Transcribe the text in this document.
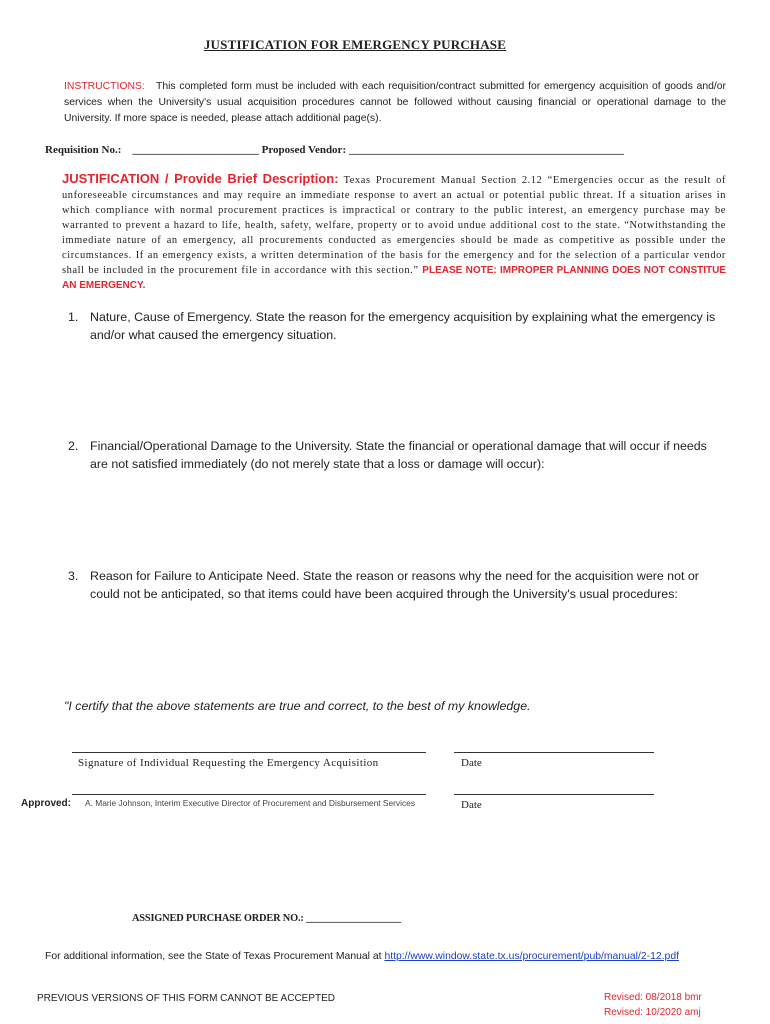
JUSTIFICATION FOR EMERGENCY PURCHASE
INSTRUCTIONS: This completed form must be included with each requisition/contract submitted for emergency acquisition of goods and/or services when the University's usual acquisition procedures cannot be followed without causing financial or operational damage to the University. If more space is needed, please attach additional page(s).
Requisition No.: _______________________ Proposed Vendor: __________________________________________________
JUSTIFICATION / Provide Brief Description: Texas Procurement Manual Section 2.12 “Emergencies occur as the result of unforeseeable circumstances and may require an immediate response to avert an actual or potential public threat. If a situation arises in which compliance with normal procurement practices is impractical or contrary to the public interest, an emergency purchase may be warranted to prevent a hazard to life, health, safety, welfare, property or to avoid undue additional cost to the state. “Notwithstanding the immediate nature of an emergency, all procurements conducted as emergencies should be made as competitive as possible under the circumstances. If an emergency exists, a written determination of the basis for the emergency and for the selection of a particular vendor shall be included in the procurement file in accordance with this section.” PLEASE NOTE: IMPROPER PLANNING DOES NOT CONSTITUE AN EMERGENCY.
1. Nature, Cause of Emergency. State the reason for the emergency acquisition by explaining what the emergency is and/or what caused the emergency situation.
2. Financial/Operational Damage to the University. State the financial or operational damage that will occur if needs are not satisfied immediately (do not merely state that a loss or damage will occur):
3. Reason for Failure to Anticipate Need. State the reason or reasons why the need for the acquisition were not or could not be anticipated, so that items could have been acquired through the University's usual procedures:
"I certify that the above statements are true and correct, to the best of my knowledge.
Signature of Individual Requesting the Emergency Acquisition	Date
Approved: A. Marie Johnson, Interim Executive Director of Procurement and Disbursement Services	Date
ASSIGNED PURCHASE ORDER NO.: ___________________
For additional information, see the State of Texas Procurement Manual at http://www.window.state.tx.us/procurement/pub/manual/2-12.pdf
PREVIOUS VERSIONS OF THIS FORM CANNOT BE ACCEPTED	Revised: 08/2018 bmr
Revised: 10/2020 amj
